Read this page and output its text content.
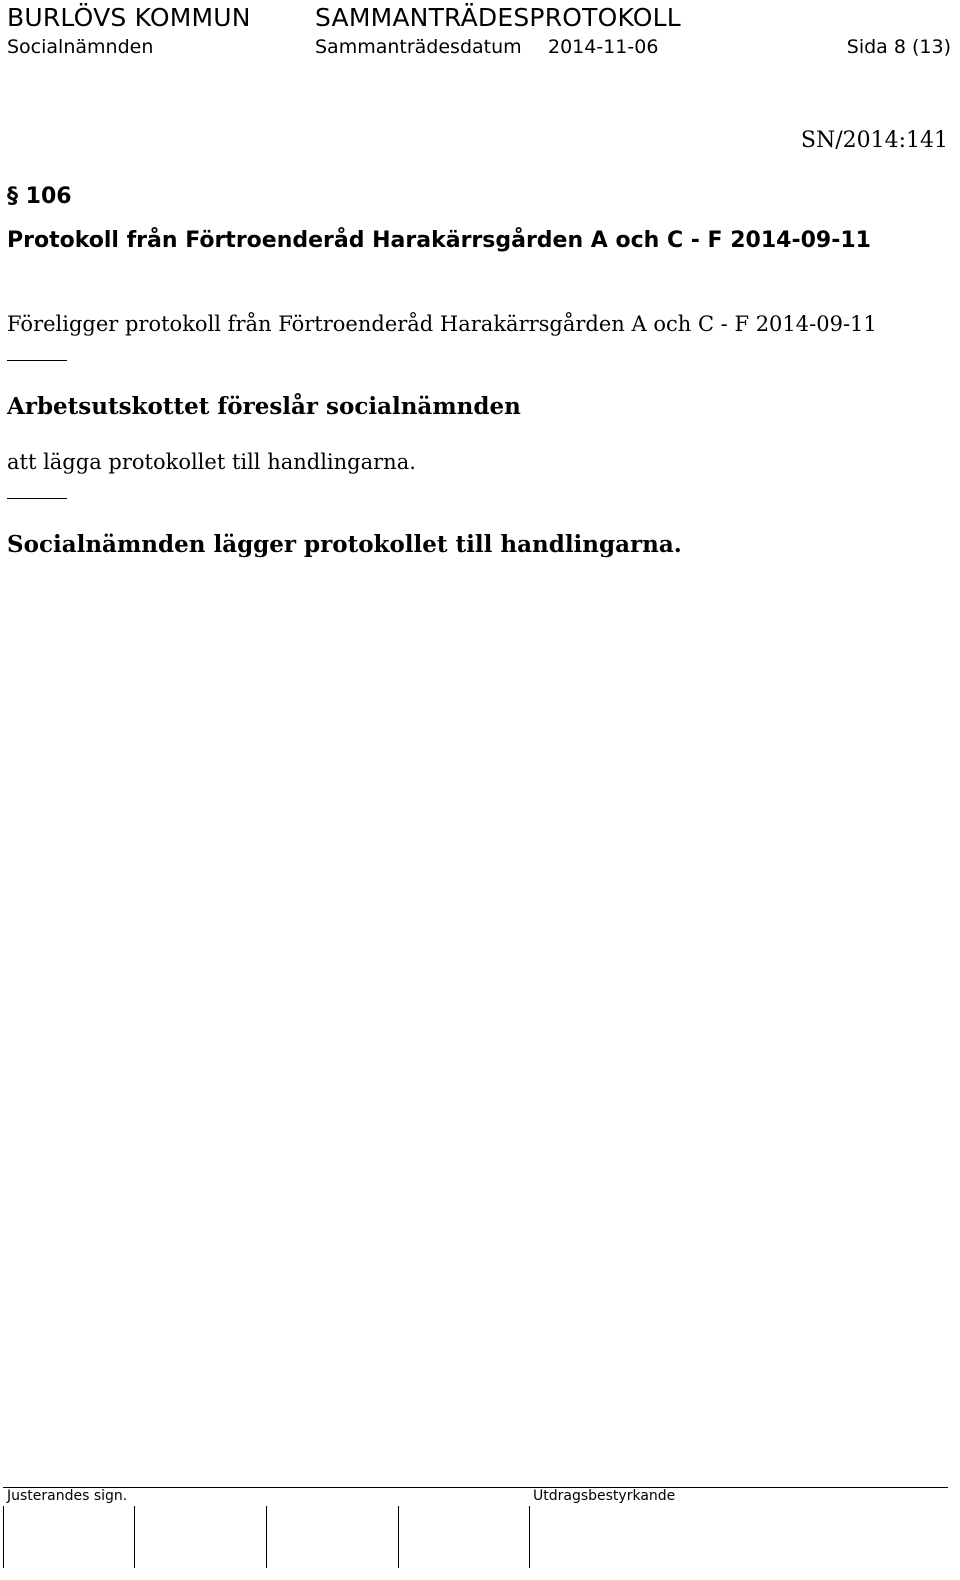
BURLÖVS KOMMUN	SAMMANTRÄDESPROTOKOLL
Socialnämnden	Sammanträdesdatum 2014-11-06	Sida 8 (13)
SN/2014:141
§ 106
Protokoll från Förtroenderåd Harakärrsgården A och C - F 2014-09-11
Föreligger protokoll från Förtroenderåd Harakärrsgården A och C - F 2014-09-11
Arbetsutskottet föreslår socialnämnden
att lägga protokollet till handlingarna.
Socialnämnden lägger protokollet till handlingarna.
Justerandes sign.	Utdragsbestyrkande
